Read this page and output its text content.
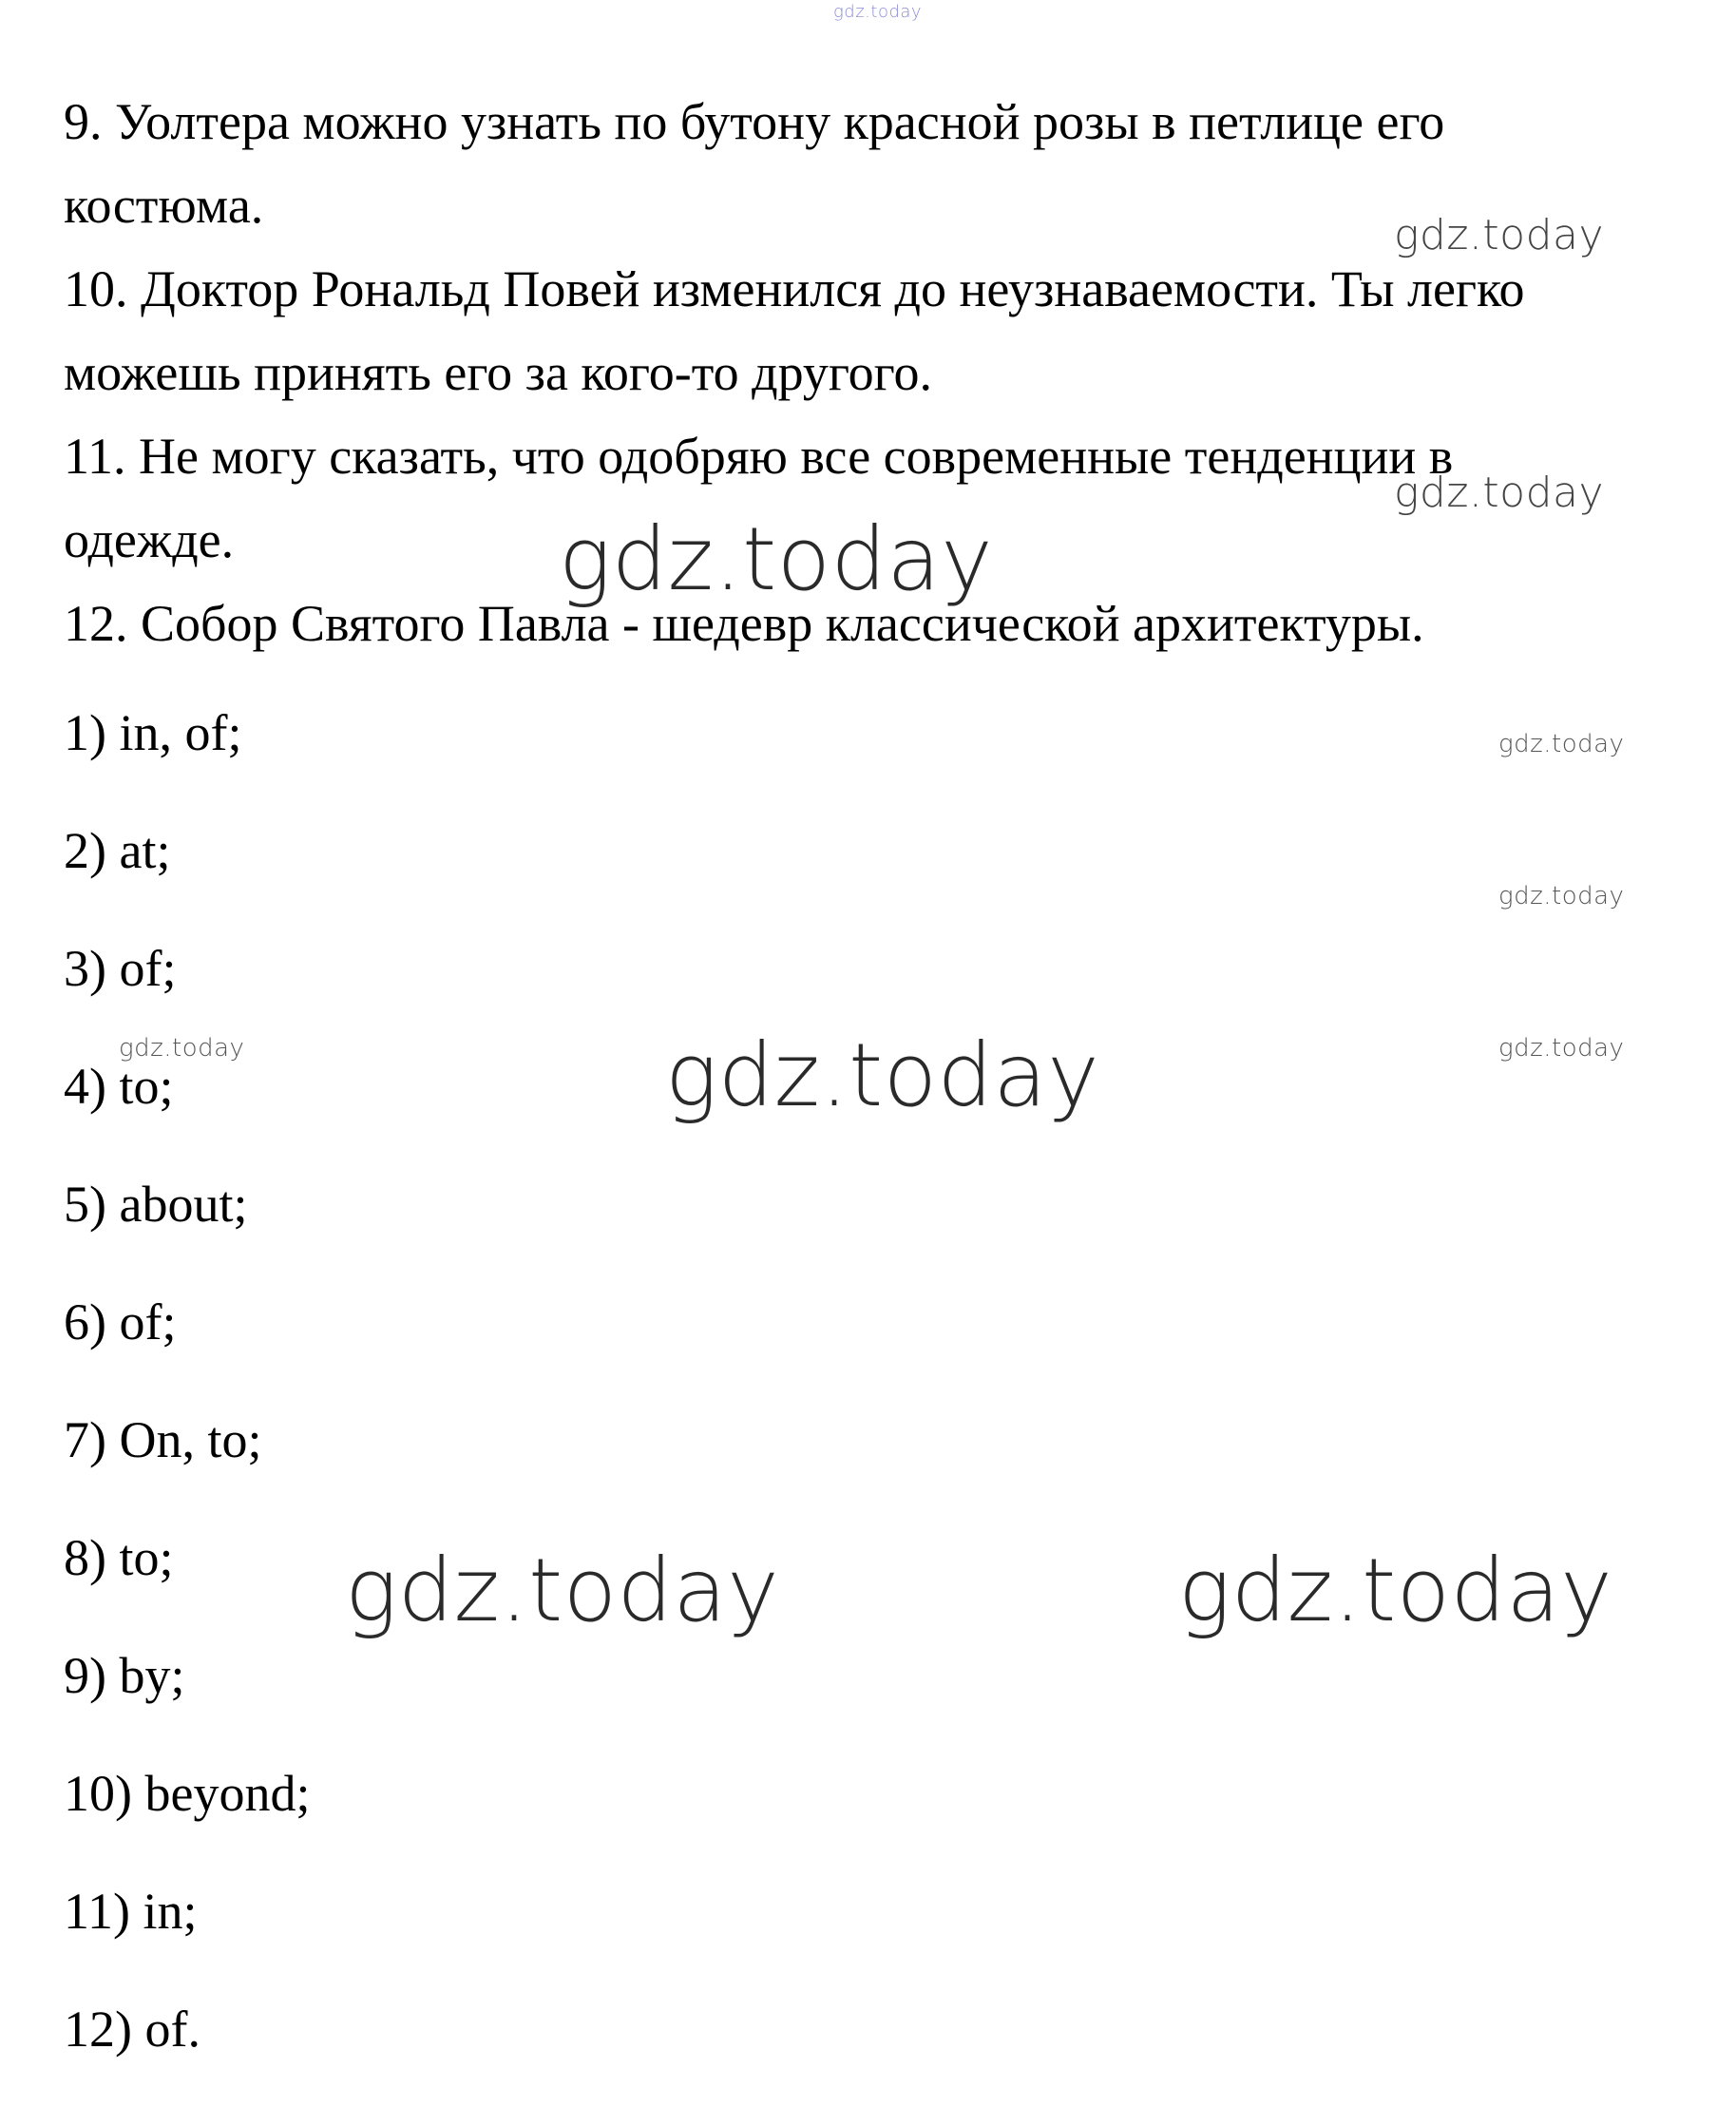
gdz.today
9. Уолтера можно узнать по бутону красной розы в петлице его
костюма.
10. Доктор Рональд Повей изменился до неузнаваемости. Ты легко
можешь принять его за кого-то другого.
11. Не могу сказать, что одобряю все современные тенденции в
одежде.
12. Собор Святого Павла - шедевр классической архитектуры.
1) in, of;
2) at;
3) of;
4) to;
5) about;
6) of;
7) On, to;
8) to;
9) by;
10) beyond;
11) in;
12) of.
gdz.today
gdz.today
gdz.today
gdz.today
gdz.today
gdz.today	gdz.today
gdz.today
gdz.today	gdz.today
